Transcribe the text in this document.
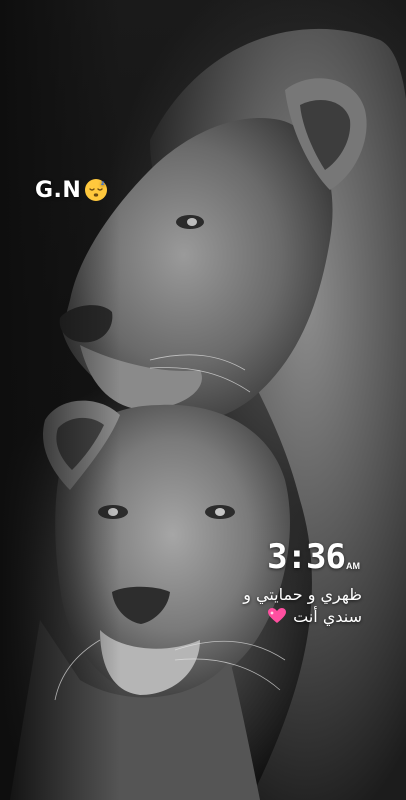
G.N	z
3:36 AM
ظهري و حمايتي و
سندي أنت
